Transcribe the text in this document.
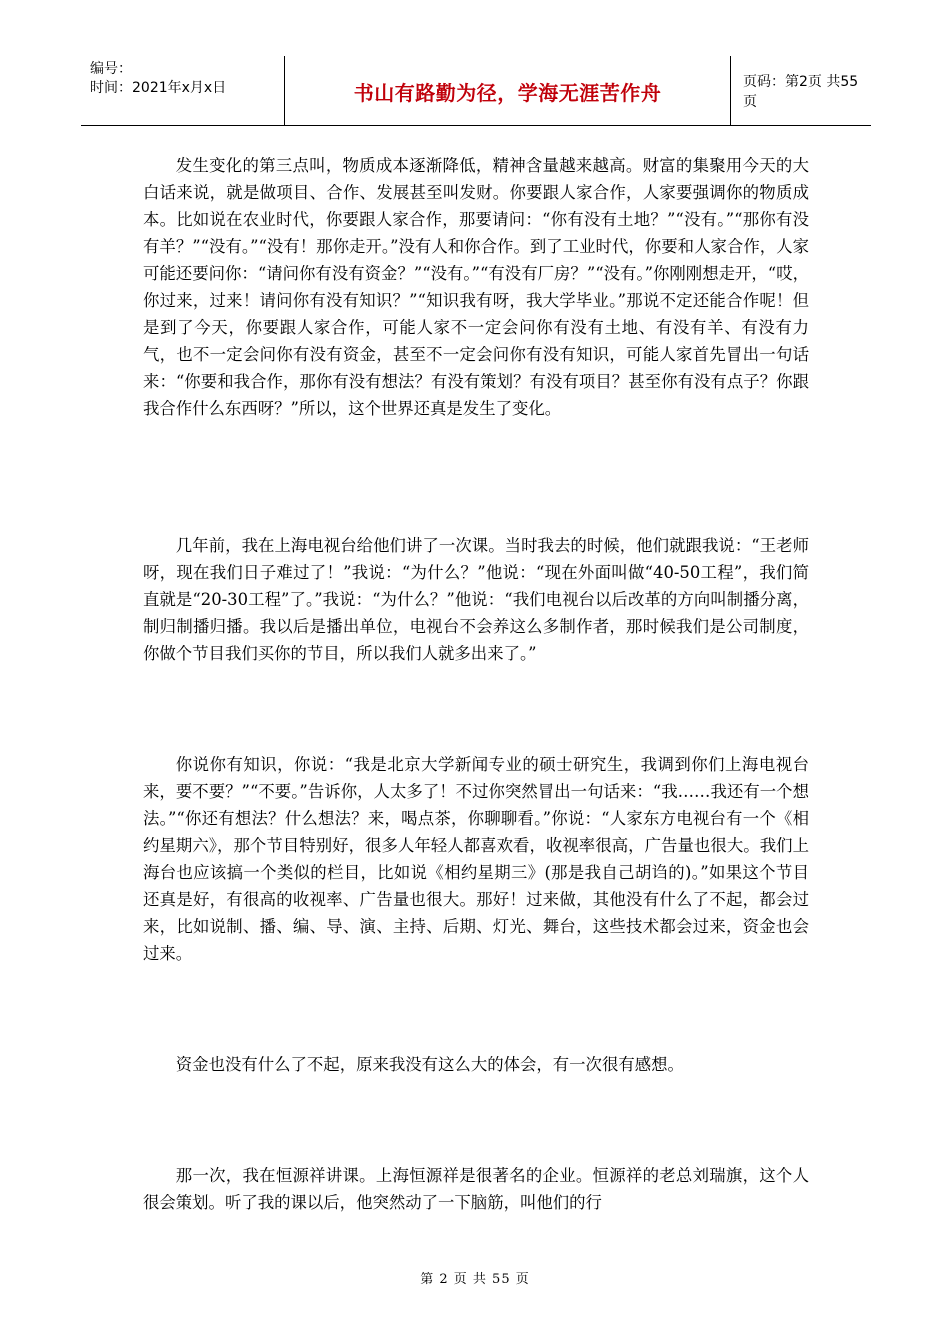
编号：
时间：2021年x月x日	书山有路勤为径，学海无涯苦作舟	页码：第2页 共55页

发生变化的第三点叫，物质成本逐渐降低，精神含量越来越高。财富的集聚用今天的大白话来说，就是做项目、合作、发展甚至叫发财。你要跟人家合作，人家要强调你的物质成本。比如说在农业时代，你要跟人家合作，那要请问：“你有没有土地？”“没有。”“那你有没有羊？”“没有。”“没有！那你走开。”没有人和你合作。到了工业时代，你要和人家合作，人家可能还要问你：“请问你有没有资金？”“没有。”“有没有厂房？”“没有。”你刚刚想走开，“哎，你过来，过来！请问你有没有知识？”“知识我有呀，我大学毕业。”那说不定还能合作呢！但是到了今天，你要跟人家合作，可能人家不一定会问你有没有土地、有没有羊、有没有力气，也不一定会问你有没有资金，甚至不一定会问你有没有知识，可能人家首先冒出一句话来：“你要和我合作，那你有没有想法？有没有策划？有没有项目？甚至你有没有点子？你跟我合作什么东西呀？”所以，这个世界还真是发生了变化。

几年前，我在上海电视台给他们讲了一次课。当时我去的时候，他们就跟我说：“王老师呀，现在我们日子难过了！”我说：“为什么？”他说：“现在外面叫做“40-50工程”，我们简直就是“20-30工程”了。”我说：“为什么？”他说：“我们电视台以后改革的方向叫制播分离，制归制播归播。我以后是播出单位，电视台不会养这么多制作者，那时候我们是公司制度，你做个节目我们买你的节目，所以我们人就多出来了。”

你说你有知识，你说：“我是北京大学新闻专业的硕士研究生，我调到你们上海电视台来，要不要？”“不要。”告诉你，人太多了！不过你突然冒出一句话来：“我……我还有一个想法。”“你还有想法？什么想法？来，喝点茶，你聊聊看。”你说：“人家东方电视台有一个《相约星期六》，那个节目特别好，很多人年轻人都喜欢看，收视率很高，广告量也很大。我们上海台也应该搞一个类似的栏目，比如说《相约星期三》(那是我自己胡诌的)。”如果这个节目还真是好，有很高的收视率、广告量也很大。那好！过来做，其他没有什么了不起，都会过来，比如说制、播、编、导、演、主持、后期、灯光、舞台，这些技术都会过来，资金也会过来。

资金也没有什么了不起，原来我没有这么大的体会，有一次很有感想。

那一次，我在恒源祥讲课。上海恒源祥是很著名的企业。恒源祥的老总刘瑞旗，这个人很会策划。听了我的课以后，他突然动了一下脑筋，叫他们的行

第 2 页 共 55 页
